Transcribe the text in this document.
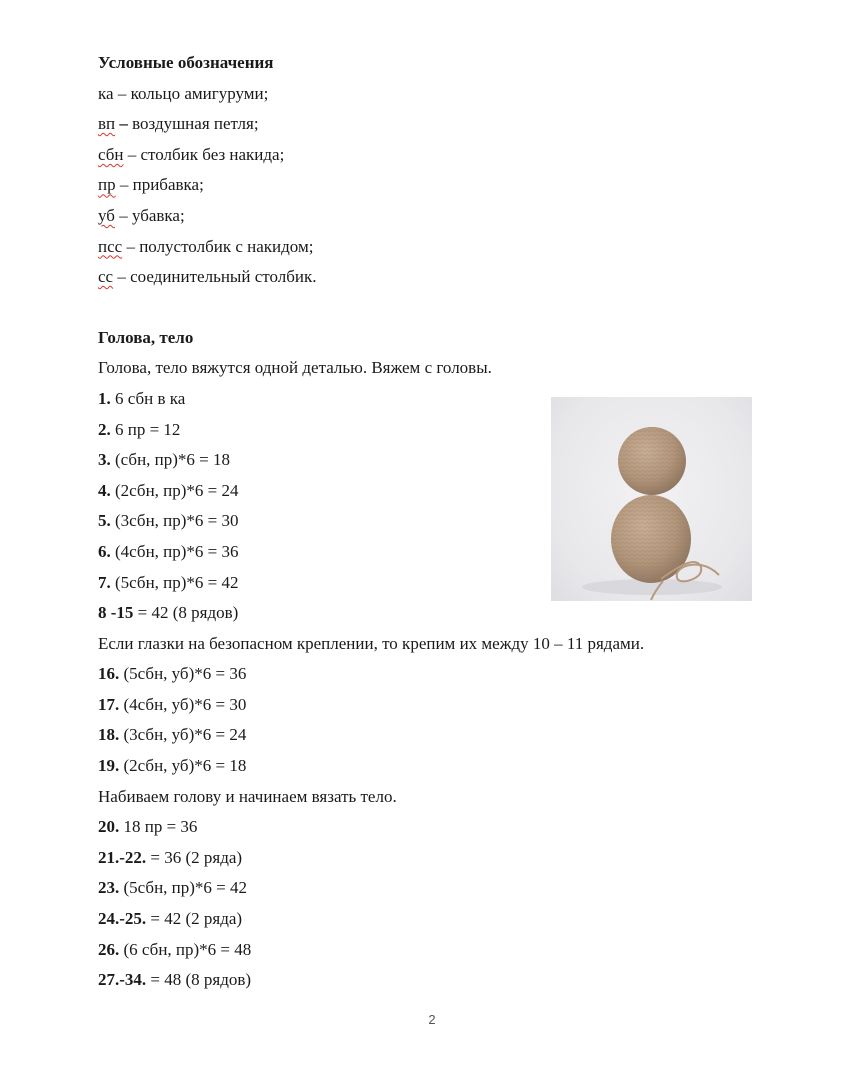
Условные обозначения
ка – кольцо амигуруми;
вп – воздушная петля;
сбн – столбик без накида;
пр – прибавка;
уб – убавка;
псс – полустолбик с накидом;
сс – соединительный столбик.
Голова, тело
Голова, тело вяжутся одной деталью. Вяжем с головы.
1. 6 сбн в ка
2. 6 пр = 12
3. (сбн, пр)*6 = 18
4. (2сбн, пр)*6 = 24
5. (3сбн, пр)*6 = 30
6. (4сбн, пр)*6 = 36
7. (5сбн, пр)*6 = 42
8 -15 = 42 (8 рядов)
Если глазки на безопасном креплении, то крепим их между 10 – 11 рядами.
16. (5сбн, уб)*6 = 36
17. (4сбн, уб)*6 = 30
18. (3сбн, уб)*6 = 24
19. (2сбн, уб)*6 = 18
Набиваем голову и начинаем вязать тело.
20. 18 пр = 36
21.-22. = 36 (2 ряда)
23. (5сбн, пр)*6 = 42
24.-25. = 42 (2 ряда)
26. (6 сбн, пр)*6 = 48
27.-34. = 48 (8 рядов)
2
